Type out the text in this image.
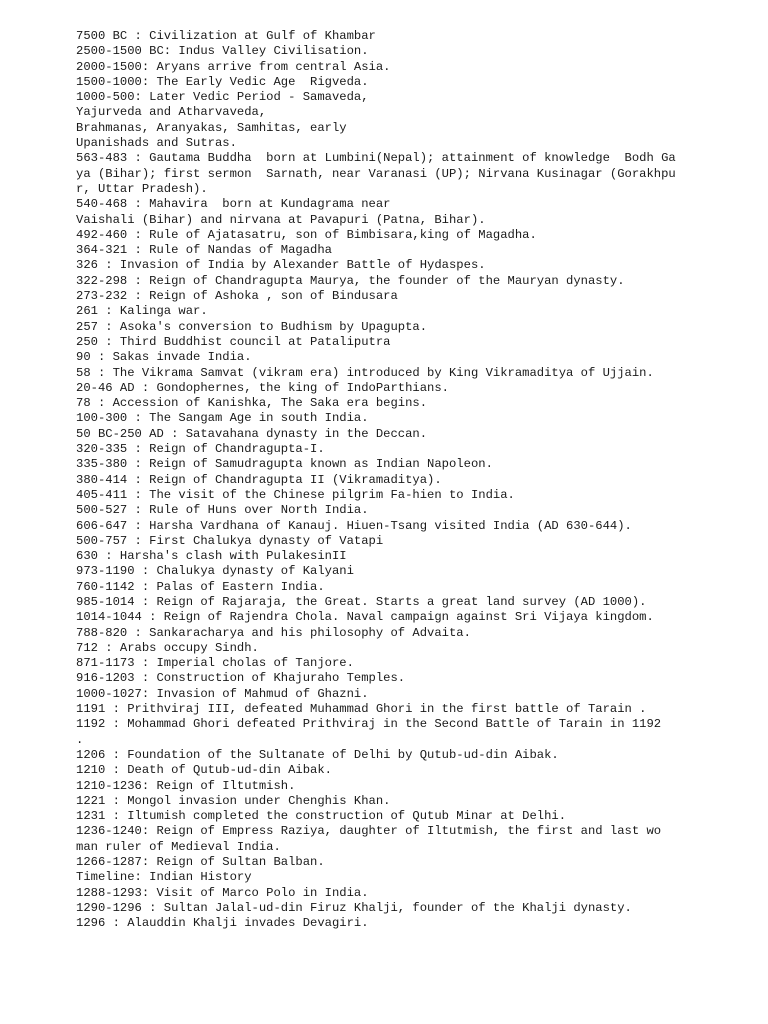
7500 BC : Civilization at Gulf of Khambar
2500-1500 BC: Indus Valley Civilisation.
2000-1500: Aryans arrive from central Asia.
1500-1000: The Early Vedic Age  Rigveda.
1000-500: Later Vedic Period - Samaveda,
Yajurveda and Atharvaveda,
Brahmanas, Aranyakas, Samhitas, early
Upanishads and Sutras.
563-483 : Gautama Buddha  born at Lumbini(Nepal); attainment of knowledge  Bodh Ga
ya (Bihar); first sermon  Sarnath, near Varanasi (UP); Nirvana Kusinagar (Gorakhpu
r, Uttar Pradesh).
540-468 : Mahavira  born at Kundagrama near
Vaishali (Bihar) and nirvana at Pavapuri (Patna, Bihar).
492-460 : Rule of Ajatasatru, son of Bimbisara,king of Magadha.
364-321 : Rule of Nandas of Magadha
326 : Invasion of India by Alexander Battle of Hydaspes.
322-298 : Reign of Chandragupta Maurya, the founder of the Mauryan dynasty.
273-232 : Reign of Ashoka , son of Bindusara
261 : Kalinga war.
257 : Asoka's conversion to Budhism by Upagupta.
250 : Third Buddhist council at Pataliputra
90 : Sakas invade India.
58 : The Vikrama Samvat (vikram era) introduced by King Vikramaditya of Ujjain.
20-46 AD : Gondophernes, the king of IndoParthians.
78 : Accession of Kanishka, The Saka era begins.
100-300 : The Sangam Age in south India.
50 BC-250 AD : Satavahana dynasty in the Deccan.
320-335 : Reign of Chandragupta-I.
335-380 : Reign of Samudragupta known as Indian Napoleon.
380-414 : Reign of Chandragupta II (Vikramaditya).
405-411 : The visit of the Chinese pilgrim Fa-hien to India.
500-527 : Rule of Huns over North India.
606-647 : Harsha Vardhana of Kanauj. Hiuen-Tsang visited India (AD 630-644).
500-757 : First Chalukya dynasty of Vatapi
630 : Harsha's clash with PulakesinII
973-1190 : Chalukya dynasty of Kalyani
760-1142 : Palas of Eastern India.
985-1014 : Reign of Rajaraja, the Great. Starts a great land survey (AD 1000).
1014-1044 : Reign of Rajendra Chola. Naval campaign against Sri Vijaya kingdom.
788-820 : Sankaracharya and his philosophy of Advaita.
712 : Arabs occupy Sindh.
871-1173 : Imperial cholas of Tanjore.
916-1203 : Construction of Khajuraho Temples.
1000-1027: Invasion of Mahmud of Ghazni.
1191 : Prithviraj III, defeated Muhammad Ghori in the first battle of Tarain .
1192 : Mohammad Ghori defeated Prithviraj in the Second Battle of Tarain in 1192
.
1206 : Foundation of the Sultanate of Delhi by Qutub-ud-din Aibak.
1210 : Death of Qutub-ud-din Aibak.
1210-1236: Reign of Iltutmish.
1221 : Mongol invasion under Chenghis Khan.
1231 : Iltumish completed the construction of Qutub Minar at Delhi.
1236-1240: Reign of Empress Raziya, daughter of Iltutmish, the first and last wo
man ruler of Medieval India.
1266-1287: Reign of Sultan Balban.
Timeline: Indian History
1288-1293: Visit of Marco Polo in India.
1290-1296 : Sultan Jalal-ud-din Firuz Khalji, founder of the Khalji dynasty.
1296 : Alauddin Khalji invades Devagiri.
